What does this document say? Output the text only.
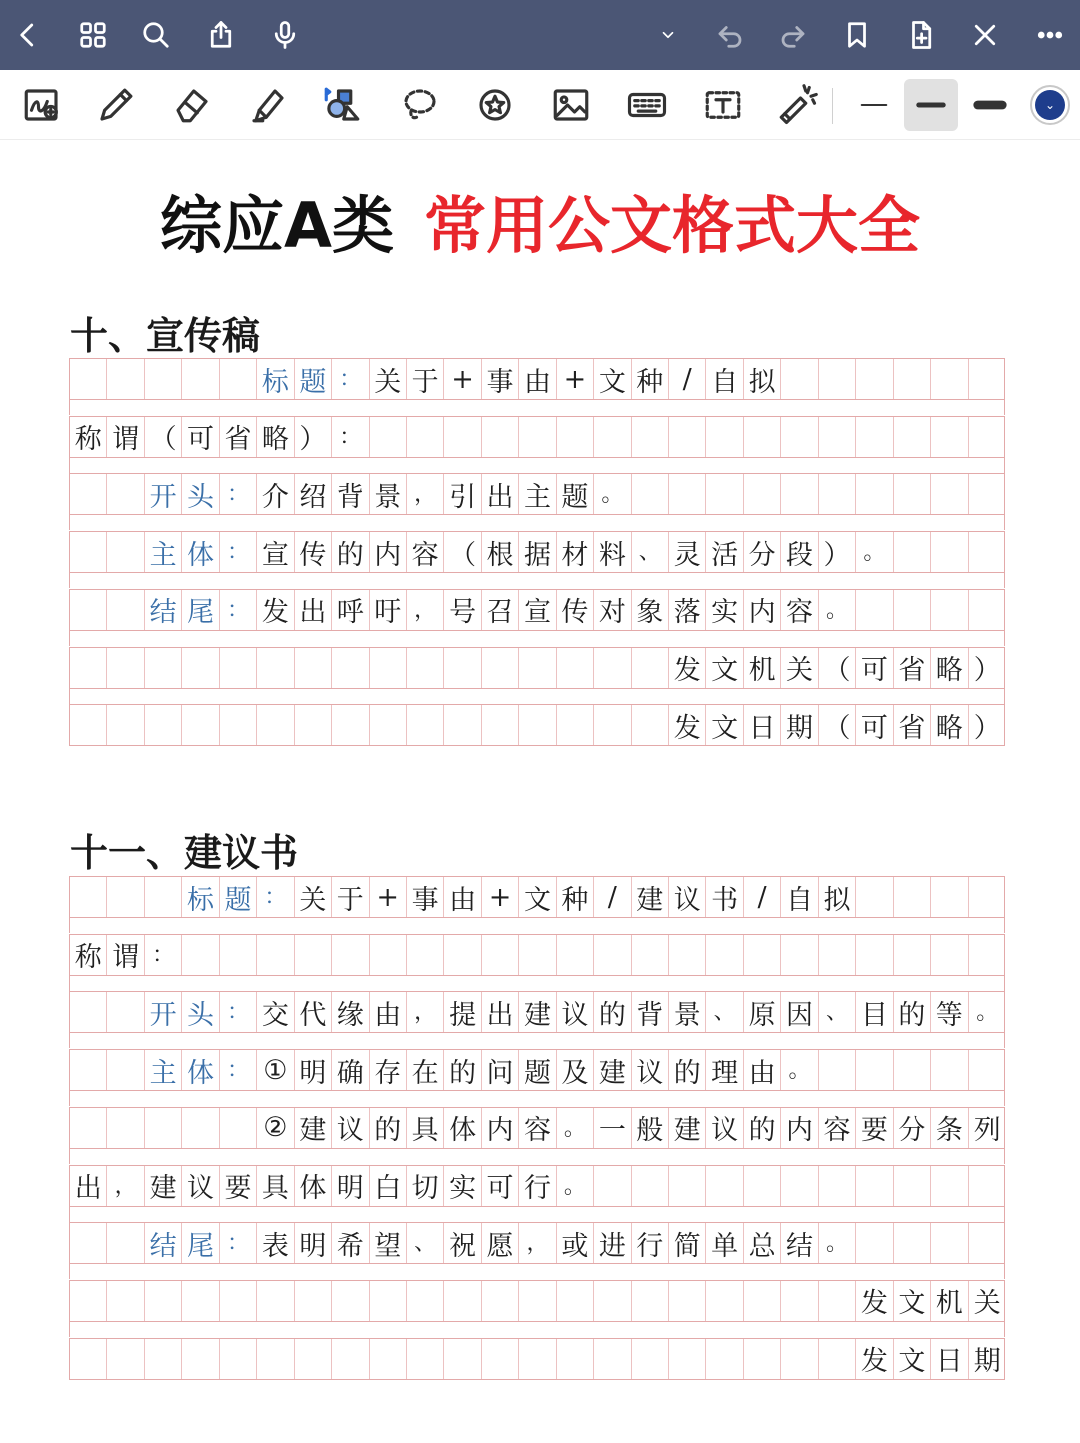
⌄
综应A类 常用公文格式大全
十、宣传稿
十一、建议书
标 题 ： 关 于 + 事 由 + 文 种 / 自 拟
称 谓 （ 可 省 略 ） ：
开 头 ： 介 绍 背 景 ， 引 出 主 题 。
主 体 ： 宣 传 的 内 容 （ 根 据 材 料 、 灵 活 分 段 ） 。
结 尾 ： 发 出 呼 吁 ， 号 召 宣 传 对 象 落 实 内 容 。
发 文 机 关 （ 可 省 略 ）
发 文 日 期 （ 可 省 略 ）
标 题 ： 关 于 + 事 由 + 文 种 / 建 议 书 / 自 拟
称 谓 ：
开 头 ： 交 代 缘 由 ， 提 出 建 议 的 背 景 、 原 因 、 目 的 等 。
主 体 ： ① 明 确 存 在 的 问 题 及 建 议 的 理 由 。
② 建 议 的 具 体 内 容 。 一 般 建 议 的 内 容 要 分 条 列
出 ， 建 议 要 具 体 明 白 切 实 可 行 。
结 尾 ： 表 明 希 望 、 祝 愿 ， 或 进 行 简 单 总 结 。
发 文 机 关
发 文 日 期
